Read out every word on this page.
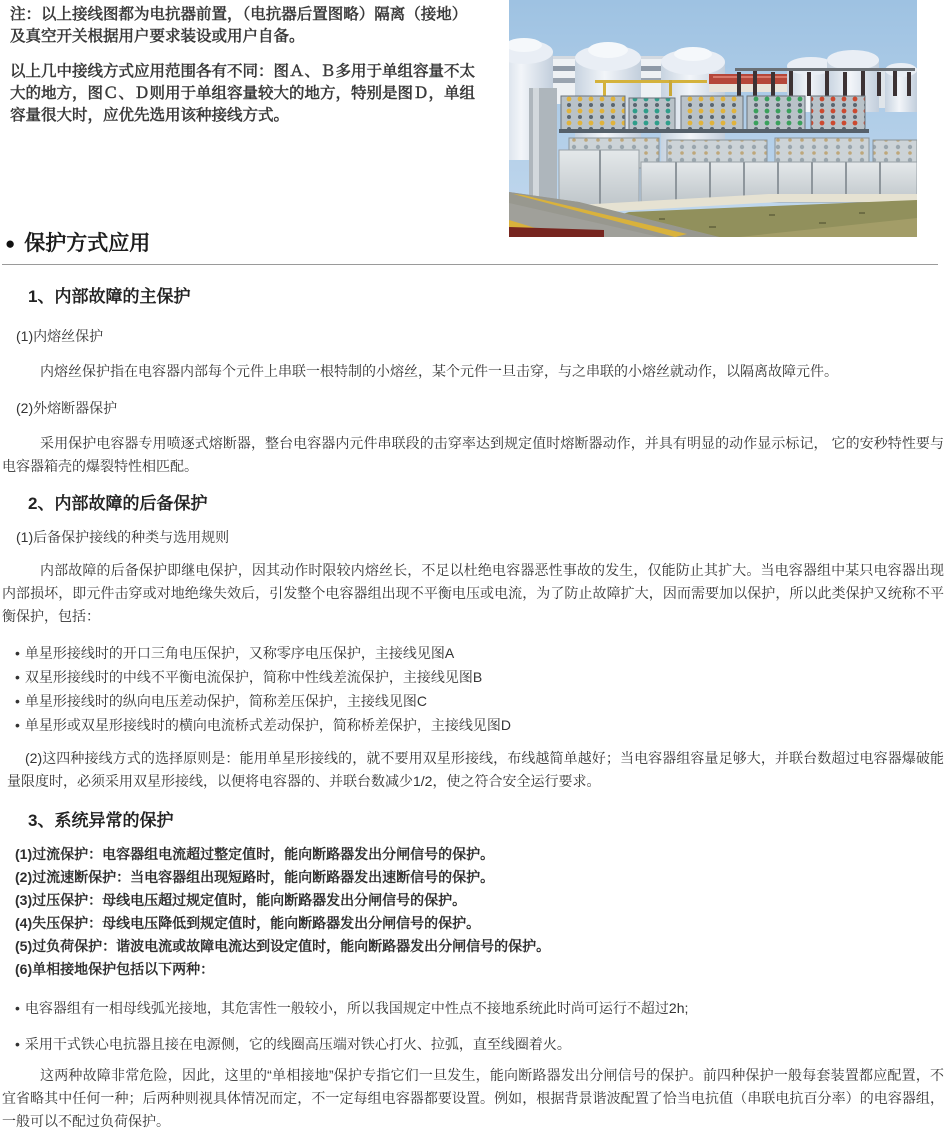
注：以上接线图都为电抗器前置，（电抗器后置图略）隔离（接地）及真空开关根据用户要求装设或用户自备。

以上几中接线方式应用范围各有不同：图Ａ、Ｂ多用于单组容量不太大的地方，图Ｃ、Ｄ则用于单组容量较大的地方，特别是图Ｄ，单组容量很大时，应优先选用该种接线方式。

● 保护方式应用
1、内部故障的主保护

(1)内熔丝保护

内熔丝保护指在电容器内部每个元件上串联一根特制的小熔丝，某个元件一旦击穿，与之串联的小熔丝就动作，以隔离故障元件。

(2)外熔断器保护

采用保护电容器专用喷逐式熔断器，整台电容器内元件串联段的击穿率达到规定值时熔断器动作，并具有明显的动作显示标记， 它的安秒特性要与电容器箱壳的爆裂特性相匹配。

2、内部故障的后备保护

(1)后备保护接线的种类与选用规则

内部故障的后备保护即继电保护，因其动作时限较内熔丝长，不足以杜绝电容器恶性事故的发生，仅能防止其扩大。当电容器组中某只电容器出现内部损坏，即元件击穿或对地绝缘失效后，引发整个电容器组出现不平衡电压或电流，为了防止故障扩大，因而需要加以保护，所以此类保护又统称不平衡保护，包括：

• 单星形接线时的开口三角电压保护，又称零序电压保护，主接线见图A

• 双星形接线时的中线不平衡电流保护，简称中性线差流保护，主接线见图B

• 单星形接线时的纵向电压差动保护，简称差压保护，主接线见图C

• 单星形或双星形接线时的横向电流桥式差动保护，简称桥差保护，主接线见图D

(2)这四种接线方式的选择原则是：能用单星形接线的，就不要用双星形接线，布线越简单越好；当电容器组容量足够大，并联台数超过电容器爆破能量限度时，必须采用双星形接线，以便将电容器的、并联台数减少1/2，使之符合安全运行要求。

3、系统异常的保护

(1)过流保护：电容器组电流超过整定值时，能向断路器发出分闸信号的保护。

(2)过流速断保护：当电容器组出现短路时，能向断路器发出速断信号的保护。

(3)过压保护：母线电压超过规定值时，能向断路器发出分闸信号的保护。

(4)失压保护：母线电压降低到规定值时，能向断路器发出分闸信号的保护。

(5)过负荷保护：谐波电流或故障电流达到设定值时，能向断路器发出分闸信号的保护。

(6)单相接地保护包括以下两种：

• 电容器组有一相母线弧光接地，其危害性一般较小，所以我国规定中性点不接地系统此时尚可运行不超过2h;

• 采用干式铁心电抗器且接在电源侧，它的线圈高压端对铁心打火、拉弧，直至线圈着火。

这两种故障非常危险，因此，这里的“单相接地”保护专指它们一旦发生，能向断路器发出分闸信号的保护。前四种保护一般每套装置都应配置，不宜省略其中任何一种；后两种则视具体情况而定，不一定每组电容器都要设置。例如，根据背景谐波配置了恰当电抗值（串联电抗百分率）的电容器组，一般可以不配过负荷保护。
